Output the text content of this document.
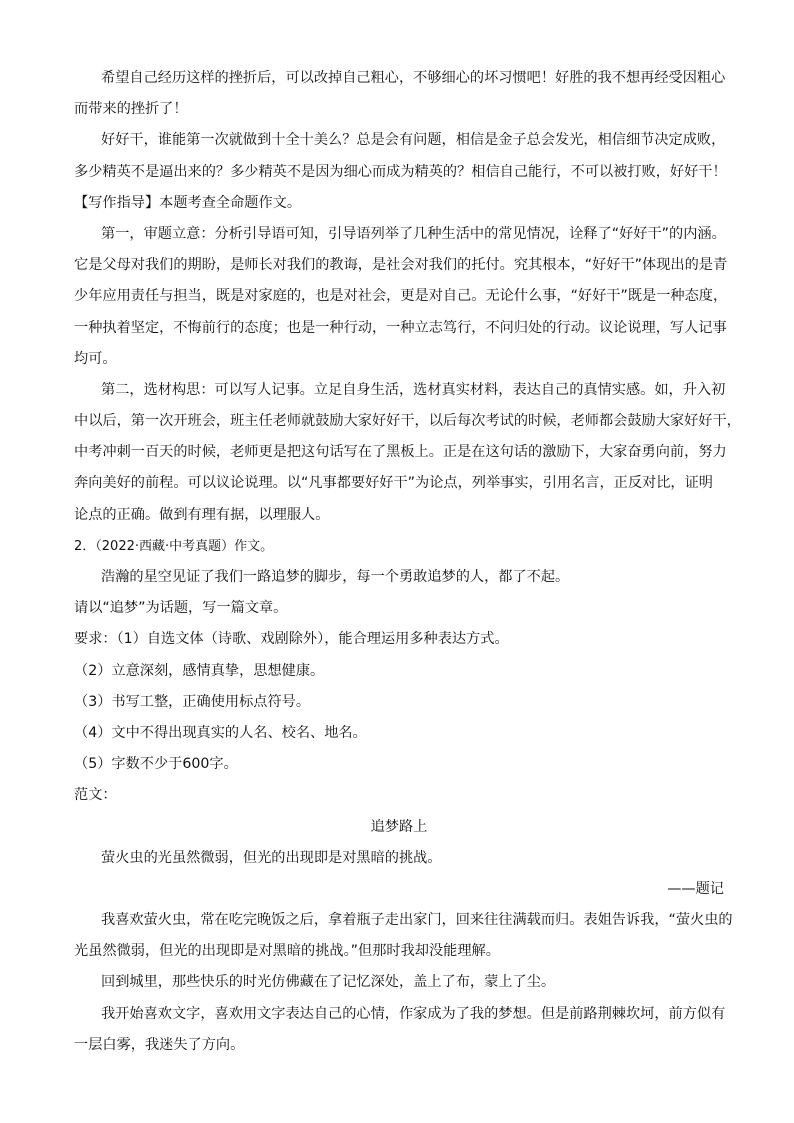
希望自己经历这样的挫折后，可以改掉自己粗心，不够细心的坏习惯吧！好胜的我不想再经受因粗心

而带来的挫折了！

好好干，谁能第一次就做到十全十美么？总是会有问题，相信是金子总会发光，相信细节决定成败，

多少精英不是逼出来的？多少精英不是因为细心而成为精英的？相信自己能行，不可以被打败，好好干！

【写作指导】本题考查全命题作文。

第一，审题立意：分析引导语可知，引导语列举了几种生活中的常见情况，诠释了“好好干”的内涵。

它是父母对我们的期盼，是师长对我们的教诲，是社会对我们的托付。究其根本，“好好干”体现出的是青

少年应用责任与担当，既是对家庭的，也是对社会，更是对自己。无论什么事，“好好干”既是一种态度，

一种执着坚定，不悔前行的态度；也是一种行动，一种立志笃行，不问归处的行动。议论说理，写人记事

均可。

第二，选材构思：可以写人记事。立足自身生活，选材真实材料，表达自己的真情实感。如，升入初

中以后，第一次开班会，班主任老师就鼓励大家好好干，以后每次考试的时候，老师都会鼓励大家好好干，

中考冲刺一百天的时候，老师更是把这句话写在了黑板上。正是在这句话的激励下，大家奋勇向前，努力

奔向美好的前程。可以议论说理。以“凡事都要好好干”为论点，列举事实，引用名言，正反对比，证明

论点的正确。做到有理有据，以理服人。

2．（2022·西藏·中考真题）作文。

浩瀚的星空见证了我们一路追梦的脚步，每一个勇敢追梦的人，都了不起。

请以“追梦”为话题，写一篇文章。

要求：（1）自选文体（诗歌、戏剧除外），能合理运用多种表达方式。

（2）立意深刻，感情真挚，思想健康。

（3）书写工整，正确使用标点符号。

（4）文中不得出现真实的人名、校名、地名。

（5）字数不少于600字。

范文：

追梦路上

萤火虫的光虽然微弱，但光的出现即是对黑暗的挑战。

——题记

我喜欢萤火虫，常在吃完晚饭之后，拿着瓶子走出家门，回来往往满载而归。表姐告诉我，“萤火虫的

光虽然微弱，但光的出现即是对黑暗的挑战。”但那时我却没能理解。

回到城里，那些快乐的时光仿佛藏在了记忆深处，盖上了布，蒙上了尘。

我开始喜欢文字，喜欢用文字表达自己的心情，作家成为了我的梦想。但是前路荆棘坎坷，前方似有

一层白雾，我迷失了方向。
